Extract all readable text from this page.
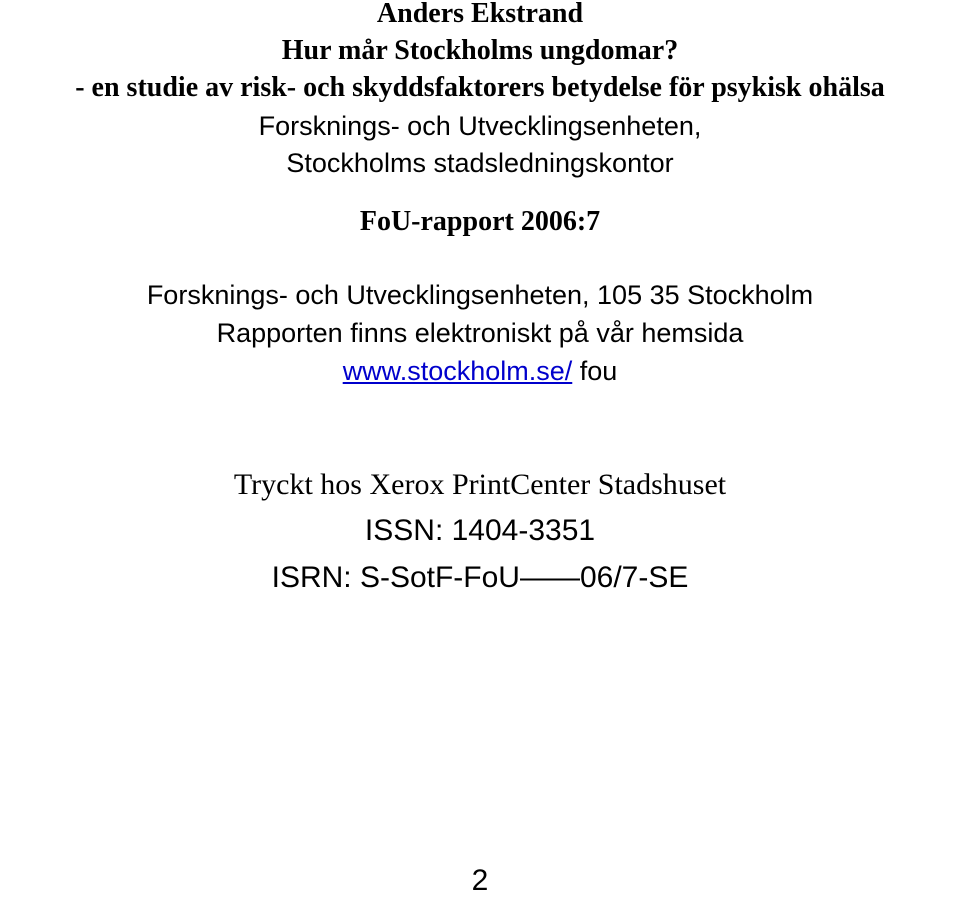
Anders Ekstrand
Hur mår Stockholms ungdomar?
- en studie av risk- och skyddsfaktorers betydelse för psykisk ohälsa
Forsknings- och Utvecklingsenheten,
Stockholms stadsledningskontor
FoU-rapport 2006:7
Forsknings- och Utvecklingsenheten, 105 35 Stockholm
Rapporten finns elektroniskt på vår hemsida
www.stockholm.se/ fou
Tryckt hos Xerox PrintCenter Stadshuset
ISSN: 1404-3351
ISRN: S-SotF-FoU——06/7-SE
2
